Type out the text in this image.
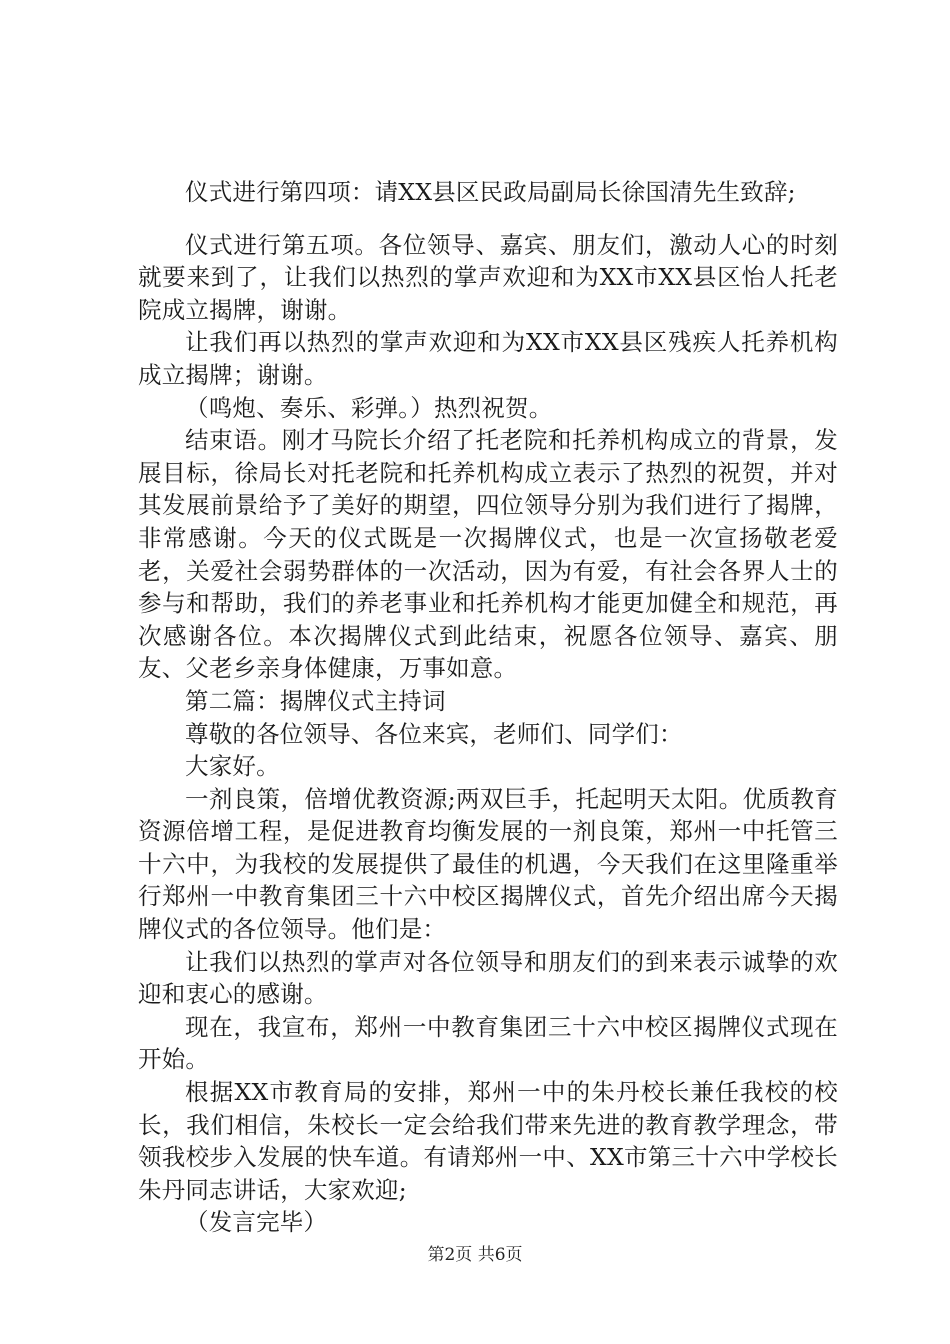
仪式进行第四项：请XX县区民政局副局长徐国清先生致辞;

仪式进行第五项。各位领导、嘉宾、朋友们，激动人心的时刻就要来到了，让我们以热烈的掌声欢迎和为XX市XX县区怡人托老院成立揭牌，谢谢。

让我们再以热烈的掌声欢迎和为XX市XX县区残疾人托养机构成立揭牌；谢谢。

（鸣炮、奏乐、彩弹。）热烈祝贺。

结束语。刚才马院长介绍了托老院和托养机构成立的背景，发展目标，徐局长对托老院和托养机构成立表示了热烈的祝贺，并对其发展前景给予了美好的期望，四位领导分别为我们进行了揭牌，非常感谢。今天的仪式既是一次揭牌仪式，也是一次宣扬敬老爱老，关爱社会弱势群体的一次活动，因为有爱，有社会各界人士的参与和帮助，我们的养老事业和托养机构才能更加健全和规范，再次感谢各位。本次揭牌仪式到此结束，祝愿各位领导、嘉宾、朋友、父老乡亲身体健康，万事如意。

第二篇：揭牌仪式主持词

尊敬的各位领导、各位来宾，老师们、同学们：

大家好。

一剂良策，倍增优教资源;两双巨手，托起明天太阳。优质教育资源倍增工程，是促进教育均衡发展的一剂良策，郑州一中托管三十六中，为我校的发展提供了最佳的机遇，今天我们在这里隆重举行郑州一中教育集团三十六中校区揭牌仪式，首先介绍出席今天揭牌仪式的各位领导。他们是：

让我们以热烈的掌声对各位领导和朋友们的到来表示诚挚的欢迎和衷心的感谢。

现在，我宣布，郑州一中教育集团三十六中校区揭牌仪式现在开始。

根据XX市教育局的安排，郑州一中的朱丹校长兼任我校的校长，我们相信，朱校长一定会给我们带来先进的教育教学理念，带领我校步入发展的快车道。有请郑州一中、XX市第三十六中学校长朱丹同志讲话，大家欢迎;

（发言完毕）

第2页 共6页
